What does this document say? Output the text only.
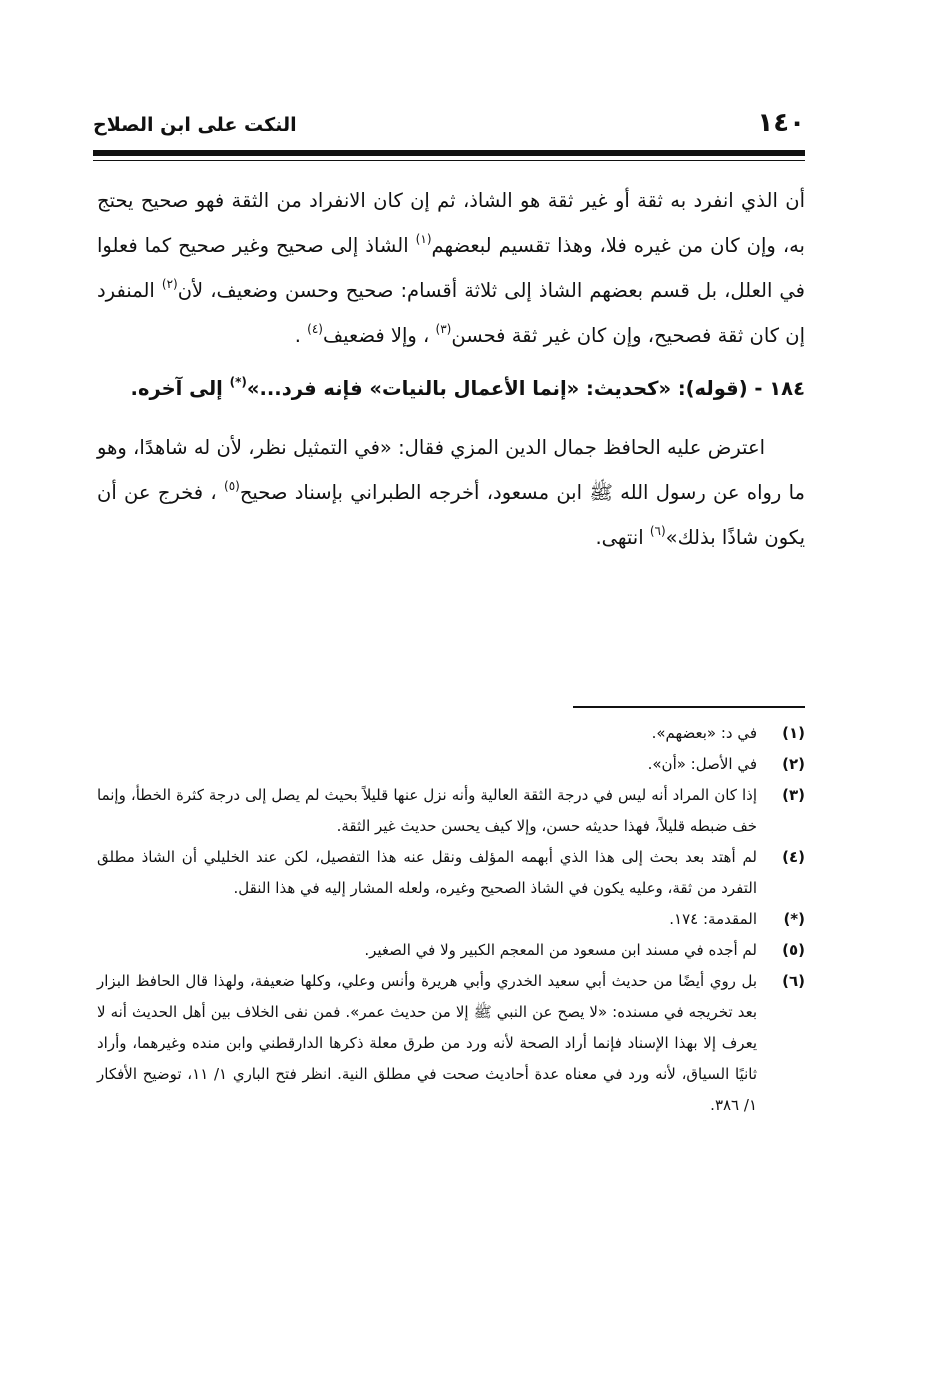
١٤٠
النكت على ابن الصلاح

أن الذي انفرد به ثقة أو غير ثقة هو الشاذ، ثم إن كان الانفراد من الثقة فهو صحيح يحتج به، وإن كان من غيره فلا، وهذا تقسيم لبعضهم$^{(١)}$ الشاذ إلى صحيح وغير صحيح كما فعلوا في العلل، بل قسم بعضهم الشاذ إلى ثلاثة أقسام: صحيح وحسن وضعيف، لأن$^{(٢)}$ المنفرد إن كان ثقة فصحيح، وإن كان غير ثقة فحسن$^{(٣)}$ ، وإلا فضعيف$^{(٤)}$ .

١٨٤ - (قوله): «كحديث: «إنما الأعمال بالنيات» فإنه فرد...»(*) إلى آخره.

اعترض عليه الحافظ جمال الدين المزي فقال: «في التمثيل نظر، لأن له شاهدًا، وهو ما رواه عن رسول الله ﷺ ابن مسعود، أخرجه الطبراني بإسناد صحيح$^{(٥)}$ ، فخرج عن أن يكون شاذًا بذلك»$^{(٦)}$ انتهى.

(١)
في د: «بعضهم».
(٢)
في الأصل: «أن».
(٣)
إذا كان المراد أنه ليس في درجة الثقة العالية وأنه نزل عنها قليلاً بحيث لم يصل إلى درجة كثرة الخطأ، وإنما خف ضبطه قليلاً، فهذا حديثه حسن، وإلا كيف يحسن حديث غير الثقة.
(٤)
لم أهتد بعد بحث إلى هذا الذي أبهمه المؤلف ونقل عنه هذا التفصيل، لكن عند الخليلي أن الشاذ مطلق التفرد من ثقة، وعليه يكون في الشاذ الصحيح وغيره، ولعله المشار إليه في هذا النقل.
(*)
المقدمة: ١٧٤.
(٥)
لم أجده في مسند ابن مسعود من المعجم الكبير ولا في الصغير.
(٦)
بل روي أيضًا من حديث أبي سعيد الخدري وأبي هريرة وأنس وعلي، وكلها ضعيفة، ولهذا قال الحافظ البزار بعد تخريجه في مسنده: «لا يصح عن النبي ﷺ إلا من حديث عمر». فمن نفى الخلاف بين أهل الحديث أنه لا يعرف إلا بهذا الإسناد فإنما أراد الصحة لأنه ورد من طرق معلة ذكرها الدارقطني وابن منده وغيرهما، وأراد ثانيًا السياق، لأنه ورد في معناه عدة أحاديث صحت في مطلق النية. انظر فتح الباري ١/ ١١، توضيح الأفكار ١/ ٣٨٦.
